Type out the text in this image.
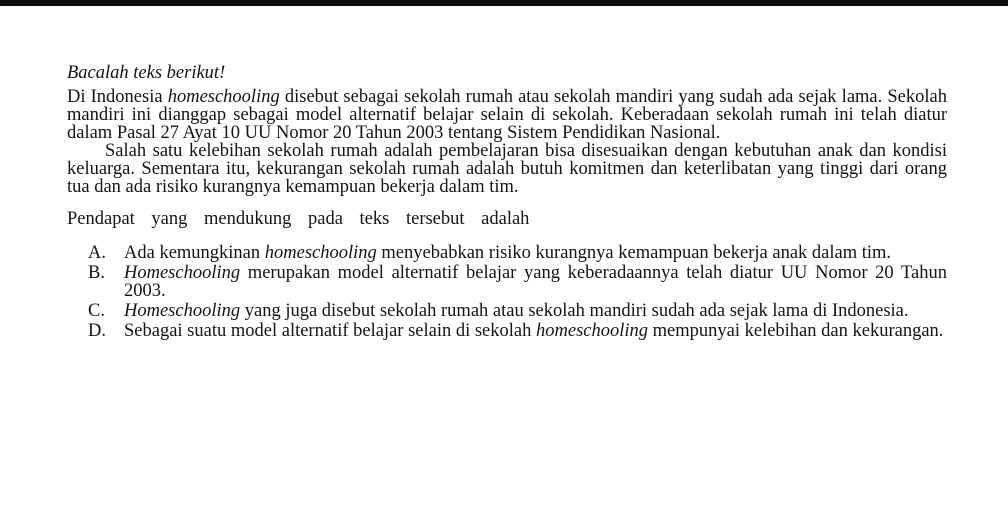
Bacalah teks berikut!

Di Indonesia homeschooling disebut sebagai sekolah rumah atau sekolah mandiri yang sudah ada sejak lama. Sekolah mandiri ini dianggap sebagai model alternatif belajar selain di sekolah. Keberadaan sekolah rumah ini telah diatur dalam Pasal 27 Ayat 10 UU Nomor 20 Tahun 2003 tentang Sistem Pendidikan Nasional.

Salah satu kelebihan sekolah rumah adalah pembelajaran bisa disesuaikan dengan kebutuhan anak dan kondisi keluarga. Sementara itu, kekurangan sekolah rumah adalah butuh komitmen dan keterlibatan yang tinggi dari orang tua dan ada risiko kurangnya kemampuan bekerja dalam tim.

Pendapat yang mendukung pada teks tersebut adalah

A. Ada kemungkinan homeschooling menyebabkan risiko kurangnya kemampuan bekerja anak dalam tim.
B.	Homeschooling merupakan model alternatif belajar yang keberadaannya telah diatur UU Nomor 20 Tahun 2003.
C.	Homeschooling yang juga disebut sekolah rumah atau sekolah mandiri sudah ada sejak lama di Indonesia.
D. Sebagai suatu model alternatif belajar selain di sekolah homeschooling mempunyai kelebihan dan kekurangan.
